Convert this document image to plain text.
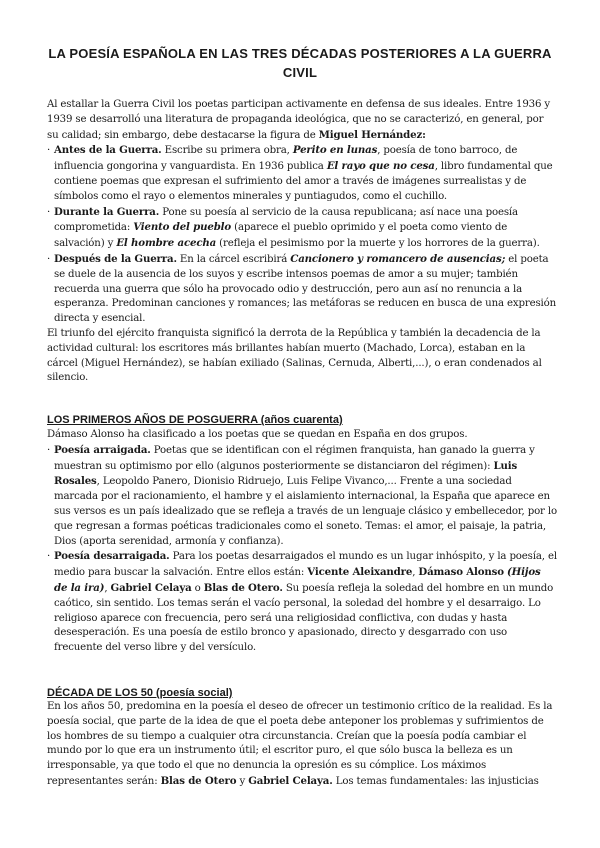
LA POESÍA ESPAÑOLA EN LAS TRES DÉCADAS POSTERIORES A LA GUERRA CIVIL

Al estallar la Guerra Civil los poetas participan activamente en defensa de sus ideales. Entre 1936 y 1939 se desarrolló una literatura de propaganda ideológica, que no se caracterizó, en general, por su calidad; sin embargo, debe destacarse la figura de Miguel Hernández:

· Antes de la Guerra. Escribe su primera obra, Perito en lunas, poesía de tono barroco, de influencia gongorina y vanguardista. En 1936 publica El rayo que no cesa, libro fundamental que contiene poemas que expresan el sufrimiento del amor a través de imágenes surrealistas y de símbolos como el rayo o elementos minerales y puntiagudos, como el cuchillo.

· Durante la Guerra. Pone su poesía al servicio de la causa republicana; así nace una poesía comprometida: Viento del pueblo (aparece el pueblo oprimido y el poeta como viento de salvación) y El hombre acecha (refleja el pesimismo por la muerte y los horrores de la guerra).

· Después de la Guerra. En la cárcel escribirá Cancionero y romancero de ausencias; el poeta se duele de la ausencia de los suyos y escribe intensos poemas de amor a su mujer; también recuerda una guerra que sólo ha provocado odio y destrucción, pero aun así no renuncia a la esperanza. Predominan canciones y romances; las metáforas se reducen en busca de una expresión directa y esencial.

El triunfo del ejército franquista significó la derrota de la República y también la decadencia de la actividad cultural: los escritores más brillantes habían muerto (Machado, Lorca), estaban en la cárcel (Miguel Hernández), se habían exiliado (Salinas, Cernuda, Alberti,...), o eran condenados al silencio.

LOS PRIMEROS AÑOS DE POSGUERRA (años cuarenta)

Dámaso Alonso ha clasificado a los poetas que se quedan en España en dos grupos.

· Poesía arraigada. Poetas que se identifican con el régimen franquista, han ganado la guerra y muestran su optimismo por ello (algunos posteriormente se distanciaron del régimen): Luis Rosales, Leopoldo Panero, Dionisio Ridruejo, Luis Felipe Vivanco,... Frente a una sociedad marcada por el racionamiento, el hambre y el aislamiento internacional, la España que aparece en sus versos es un país idealizado que se refleja a través de un lenguaje clásico y embellecedor, por lo que regresan a formas poéticas tradicionales como el soneto. Temas: el amor, el paisaje, la patria, Dios (aporta serenidad, armonía y confianza).

· Poesía desarraigada. Para los poetas desarraigados el mundo es un lugar inhóspito, y la poesía, el medio para buscar la salvación. Entre ellos están: Vicente Aleixandre, Dámaso Alonso (Hijos de la ira), Gabriel Celaya o Blas de Otero. Su poesía refleja la soledad del hombre en un mundo caótico, sin sentido. Los temas serán el vacío personal, la soledad del hombre y el desarraigo. Lo religioso aparece con frecuencia, pero será una religiosidad conflictiva, con dudas y hasta desesperación. Es una poesía de estilo bronco y apasionado, directo y desgarrado con uso frecuente del verso libre y del versículo.

DÉCADA DE LOS 50 (poesía social)

En los años 50, predomina en la poesía el deseo de ofrecer un testimonio crítico de la realidad. Es la poesía social, que parte de la idea de que el poeta debe anteponer los problemas y sufrimientos de los hombres de su tiempo a cualquier otra circunstancia. Creían que la poesía podía cambiar el mundo por lo que era un instrumento útil; el escritor puro, el que sólo busca la belleza es un irresponsable, ya que todo el que no denuncia la opresión es su cómplice. Los máximos representantes serán: Blas de Otero y Gabriel Celaya. Los temas fundamentales: las injusticias
